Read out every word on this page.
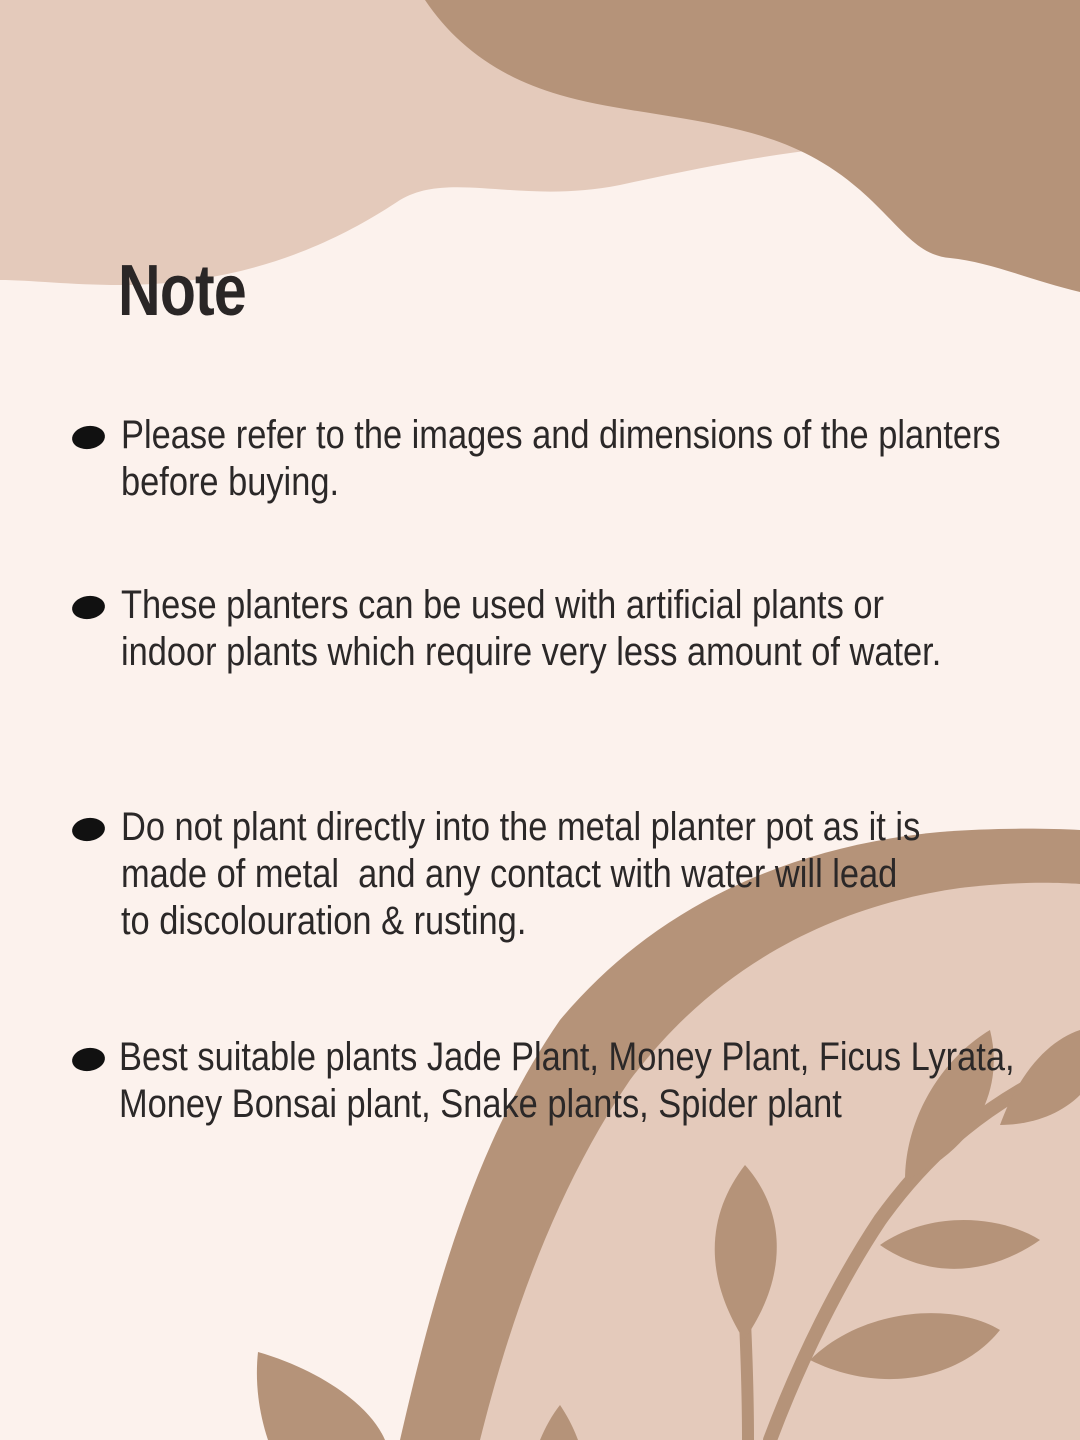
Note

Please refer to the images and dimensions of the planters
before buying.

These planters can be used with artificial plants or
indoor plants which require very less amount of water.

Do not plant directly into the metal planter pot as it is
made of metal  and any contact with water will lead
to discolouration & rusting.

Best suitable plants Jade Plant, Money Plant, Ficus Lyrata,
Money Bonsai plant, Snake plants, Spider plant
